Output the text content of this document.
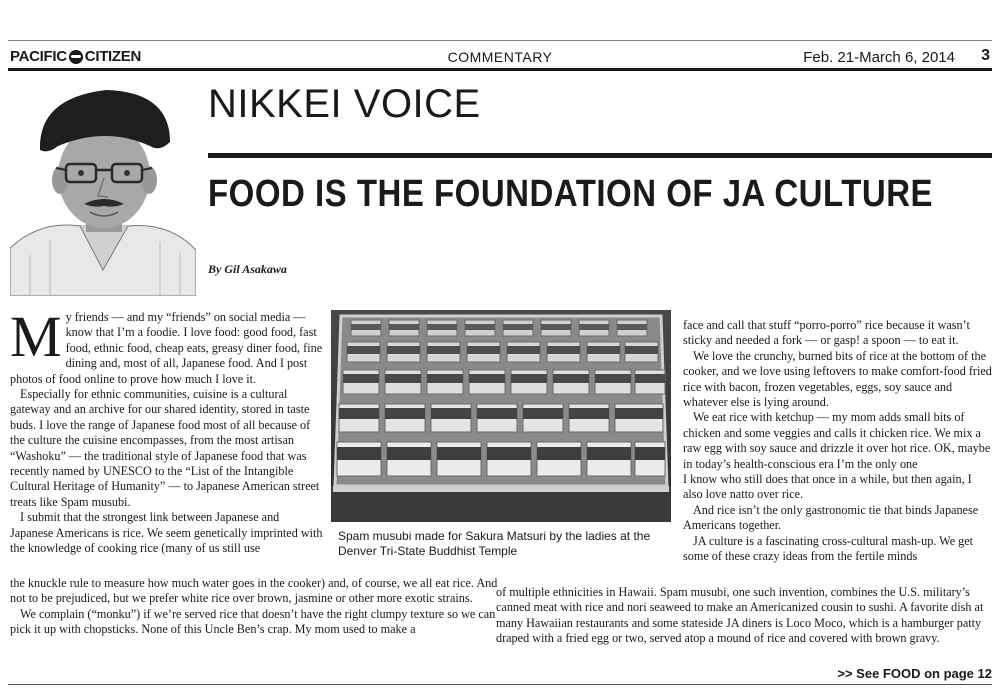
PACIFIC CITIZEN	COMMENTARY	Feb. 21-March 6, 2014 3
NIKKEI VOICE
FOOD IS THE FOUNDATION OF JA CULTURE
By Gil Asakawa

My friends — and my “friends” on social media — know that I’m a foodie. I love food: good food, fast food, ethnic food, cheap eats, greasy diner food, fine dining and, most of all, Japanese food. And I post photos of food online to prove how much I love it.

Especially for ethnic communities, cuisine is a cultural gateway and an archive for our shared identity, stored in taste buds. I love the range of Japanese food most of all because of the culture the cuisine encompasses, from the most artisan “Washoku” — the traditional style of Japanese food that was recently named by UNESCO to the “List of the Intangible Cultural Heritage of Humanity” — to Japanese American street treats like Spam musubi.

I submit that the strongest link between Japanese and Japanese Americans is rice. We seem genetically imprinted with the knowledge of cooking rice (many of us still use

the knuckle rule to measure how much water goes in the cooker) and, of course, we all eat rice. And not to be prejudiced, but we prefer white rice over brown, jasmine or other more exotic strains.

We complain (“monku”) if we’re served rice that doesn’t have the right clumpy texture so we can pick it up with chopsticks. None of this Uncle Ben’s crap. My mom used to make a

Spam musubi made for Sakura Matsuri by the ladies at the Denver Tri-State Buddhist Temple

face and call that stuff “porro-porro” rice because it wasn’t sticky and needed a fork — or gasp! a spoon — to eat it.

We love the crunchy, burned bits of rice at the bottom of the cooker, and we love using leftovers to make comfort-food fried rice with bacon, frozen vegetables, eggs, soy sauce and whatever else is lying around.

We eat rice with ketchup — my mom adds small bits of chicken and some veggies and calls it chicken rice. We mix a raw egg with soy sauce and drizzle it over hot rice. OK, maybe in today’s health-conscious era I’m the only one

I know who still does that once in a while, but then again, I also love natto over rice.

And rice isn’t the only gastronomic tie that binds Japanese Americans together.

JA culture is a fascinating cross-cultural mash-up. We get some of these crazy ideas from the fertile minds

of multiple ethnicities in Hawaii. Spam musubi, one such invention, combines the U.S. military’s canned meat with rice and nori seaweed to make an Americanized cousin to sushi. A favorite dish at many Hawaiian restaurants and some stateside JA diners is Loco Moco, which is a hamburger patty draped with a fried egg or two, served atop a mound of rice and covered with brown gravy.

>> See FOOD on page 12
